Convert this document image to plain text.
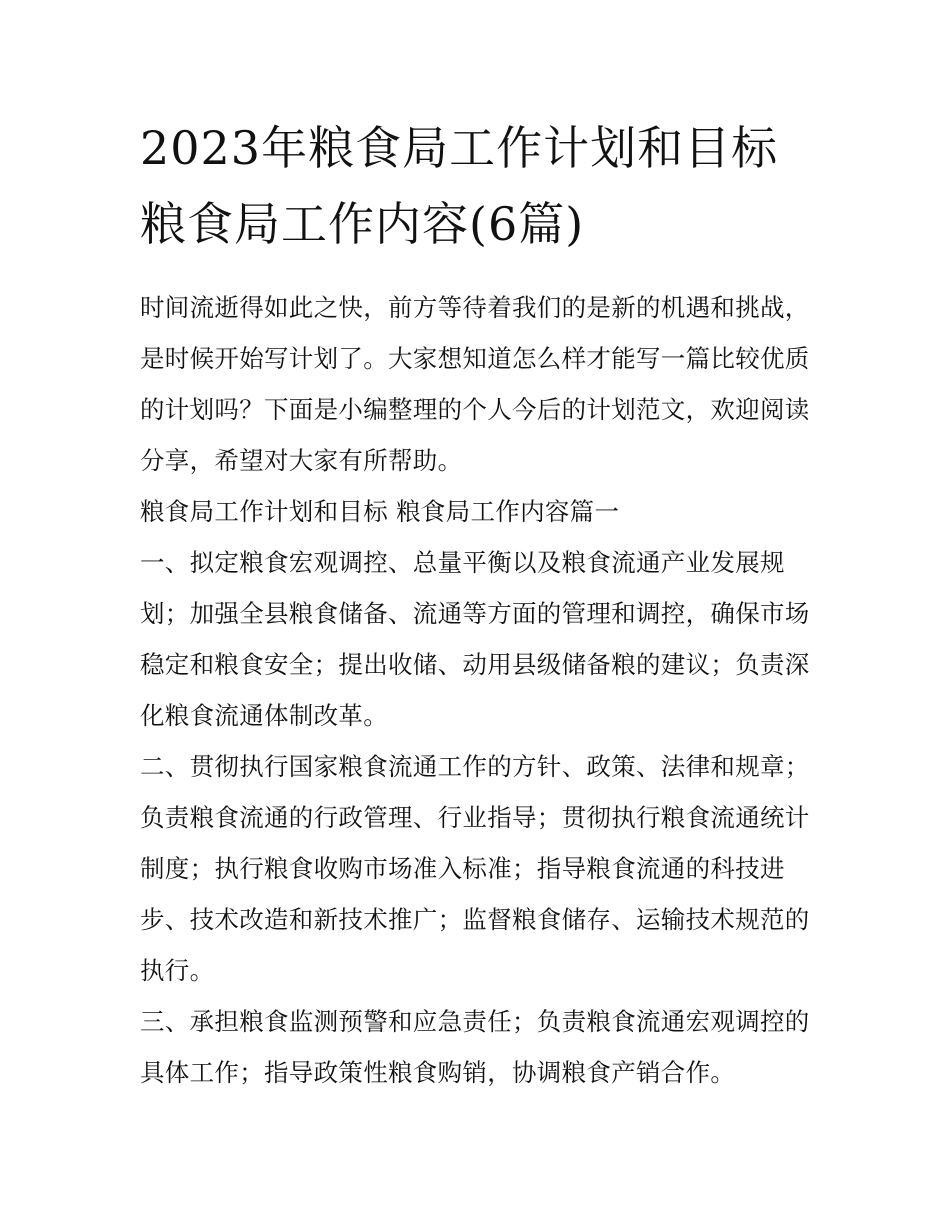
2023年粮食局工作计划和目标
粮食局工作内容(6篇)

时间流逝得如此之快，前方等待着我们的是新的机遇和挑战，是时候开始写计划了。大家想知道怎么样才能写一篇比较优质的计划吗？下面是小编整理的个人今后的计划范文，欢迎阅读分享，希望对大家有所帮助。

粮食局工作计划和目标 粮食局工作内容篇一

一、拟定粮食宏观调控、总量平衡以及粮食流通产业发展规划；加强全县粮食储备、流通等方面的管理和调控，确保市场稳定和粮食安全；提出收储、动用县级储备粮的建议；负责深化粮食流通体制改革。

二、贯彻执行国家粮食流通工作的方针、政策、法律和规章；负责粮食流通的行政管理、行业指导；贯彻执行粮食流通统计制度；执行粮食收购市场准入标准；指导粮食流通的科技进步、技术改造和新技术推广；监督粮食储存、运输技术规范的执行。

三、承担粮食监测预警和应急责任；负责粮食流通宏观调控的具体工作；指导政策性粮食购销，协调粮食产销合作。
